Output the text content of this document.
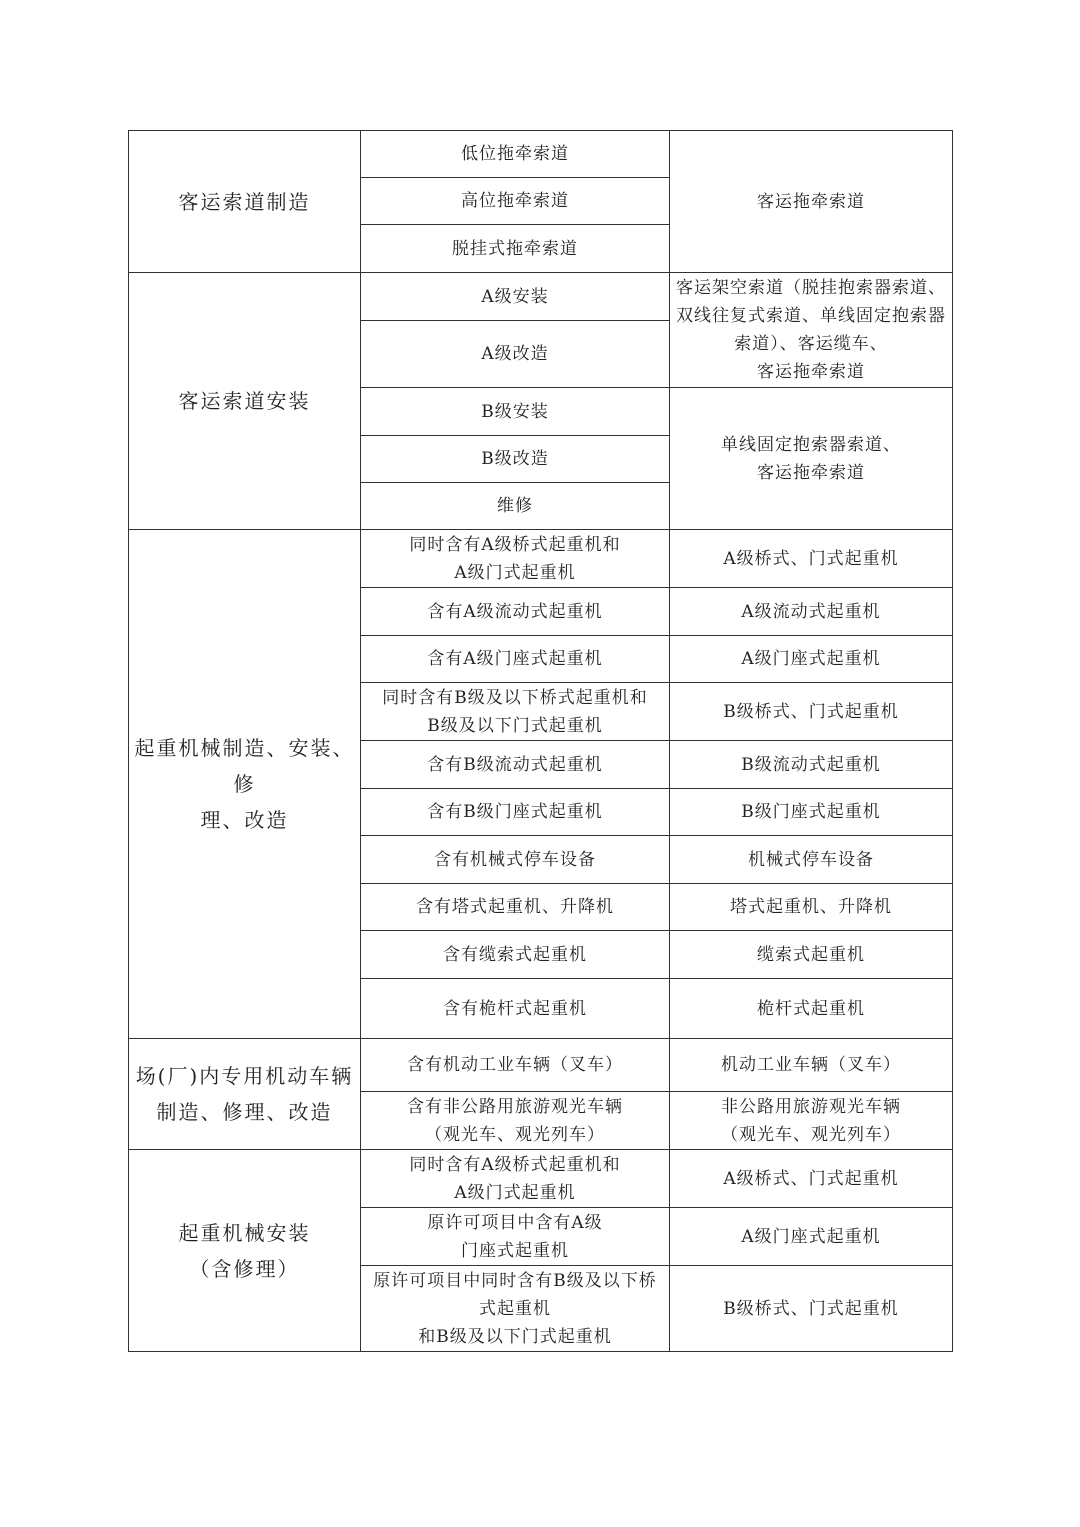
客运索道制造	低位拖牵索道	客运拖牵索道

	高位拖牵索道	

	脱挂式拖牵索道	

客运索道安装	A级安装	客运架空索道（脱挂抱索器索道、
双线往复式索道、单线固定抱索器
索道）、客运缆车、
客运拖牵索道

	A级改造	

	B级安装	单线固定抱索器索道、
客运拖牵索道

	B级改造	

	维修	

起重机械制造、安装、修
理、改造	同时含有A级桥式起重机和
A级门式起重机	A级桥式、门式起重机

	含有A级流动式起重机	A级流动式起重机

	含有A级门座式起重机	A级门座式起重机

	同时含有B级及以下桥式起重机和
B级及以下门式起重机	B级桥式、门式起重机

	含有B级流动式起重机	B级流动式起重机

	含有B级门座式起重机	B级门座式起重机

	含有机械式停车设备	机械式停车设备

	含有塔式起重机、升降机	塔式起重机、升降机

	含有缆索式起重机	缆索式起重机

	含有桅杆式起重机	桅杆式起重机

场(厂)内专用机动车辆
制造、修理、改造	含有机动工业车辆（叉车）	机动工业车辆（叉车）

	含有非公路用旅游观光车辆
（观光车、观光列车）	非公路用旅游观光车辆
（观光车、观光列车）

起重机械安装
（含修理）	同时含有A级桥式起重机和
A级门式起重机	A级桥式、门式起重机

	原许可项目中含有A级
门座式起重机	A级门座式起重机

	原许可项目中同时含有B级及以下桥
式起重机
和B级及以下门式起重机	B级桥式、门式起重机
